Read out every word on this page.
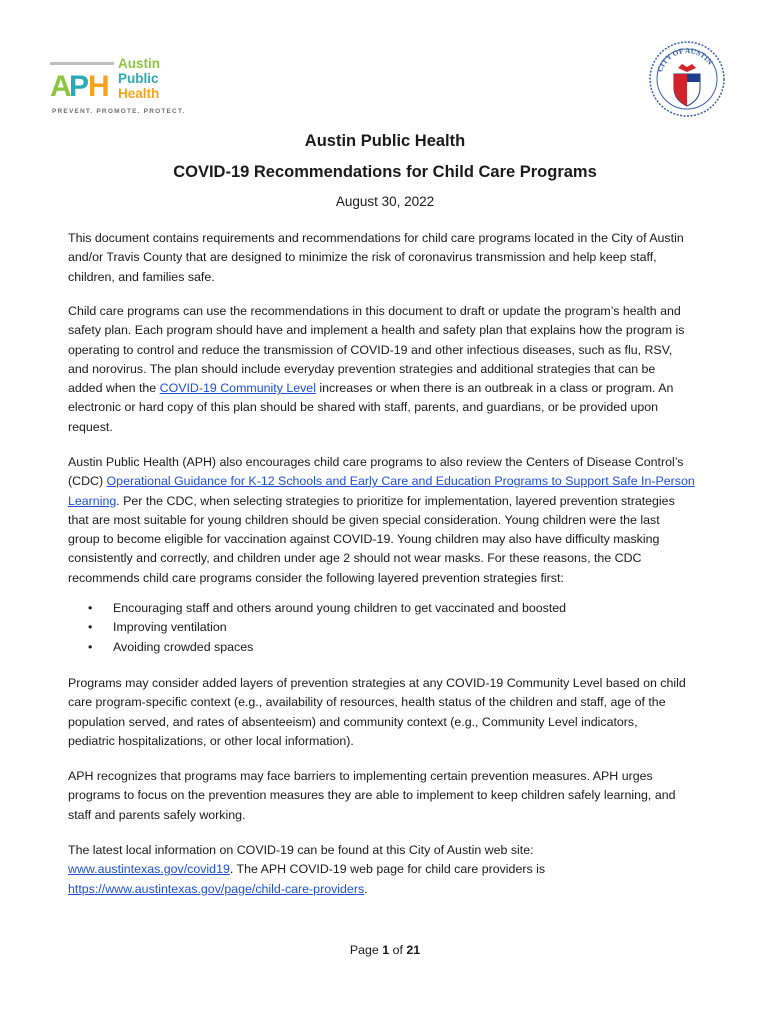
A
P
H
Austin
Public
Health
PREVENT. PROMOTE. PROTECT.
CITY OF AUSTIN
Austin Public Health
COVID-19 Recommendations for Child Care Programs
August 30, 2022
This document contains requirements and recommendations for child care programs located in the City of Austin
and/or Travis County that are designed to minimize the risk of coronavirus transmission and help keep staff,
children, and families safe.
Child care programs can use the recommendations in this document to draft or update the program’s health and
safety plan. Each program should have and implement a health and safety plan that explains how the program is
operating to control and reduce the transmission of COVID-19 and other infectious diseases, such as flu, RSV,
and norovirus. The plan should include everyday prevention strategies and additional strategies that can be
added when the COVID-19 Community Level increases or when there is an outbreak in a class or program. An
electronic or hard copy of this plan should be shared with staff, parents, and guardians, or be provided upon
request.
Austin Public Health (APH) also encourages child care programs to also review the Centers of Disease Control’s
(CDC) Operational Guidance for K-12 Schools and Early Care and Education Programs to Support Safe In-Person
Learning. Per the CDC, when selecting strategies to prioritize for implementation, layered prevention strategies
that are most suitable for young children should be given special consideration. Young children were the last
group to become eligible for vaccination against COVID-19. Young children may also have difficulty masking
consistently and correctly, and children under age 2 should not wear masks. For these reasons, the CDC
recommends child care programs consider the following layered prevention strategies first:
• Encouraging staff and others around young children to get vaccinated and boosted
• Improving ventilation
• Avoiding crowded spaces
Programs may consider added layers of prevention strategies at any COVID-19 Community Level based on child
care program-specific context (e.g., availability of resources, health status of the children and staff, age of the
population served, and rates of absenteeism) and community context (e.g., Community Level indicators,
pediatric hospitalizations, or other local information).
APH recognizes that programs may face barriers to implementing certain prevention measures. APH urges
programs to focus on the prevention measures they are able to implement to keep children safely learning, and
staff and parents safely working.
The latest local information on COVID-19 can be found at this City of Austin web site:
www.austintexas.gov/covid19. The APH COVID-19 web page for child care providers is
https://www.austintexas.gov/page/child-care-providers.
Page 1 of 21
